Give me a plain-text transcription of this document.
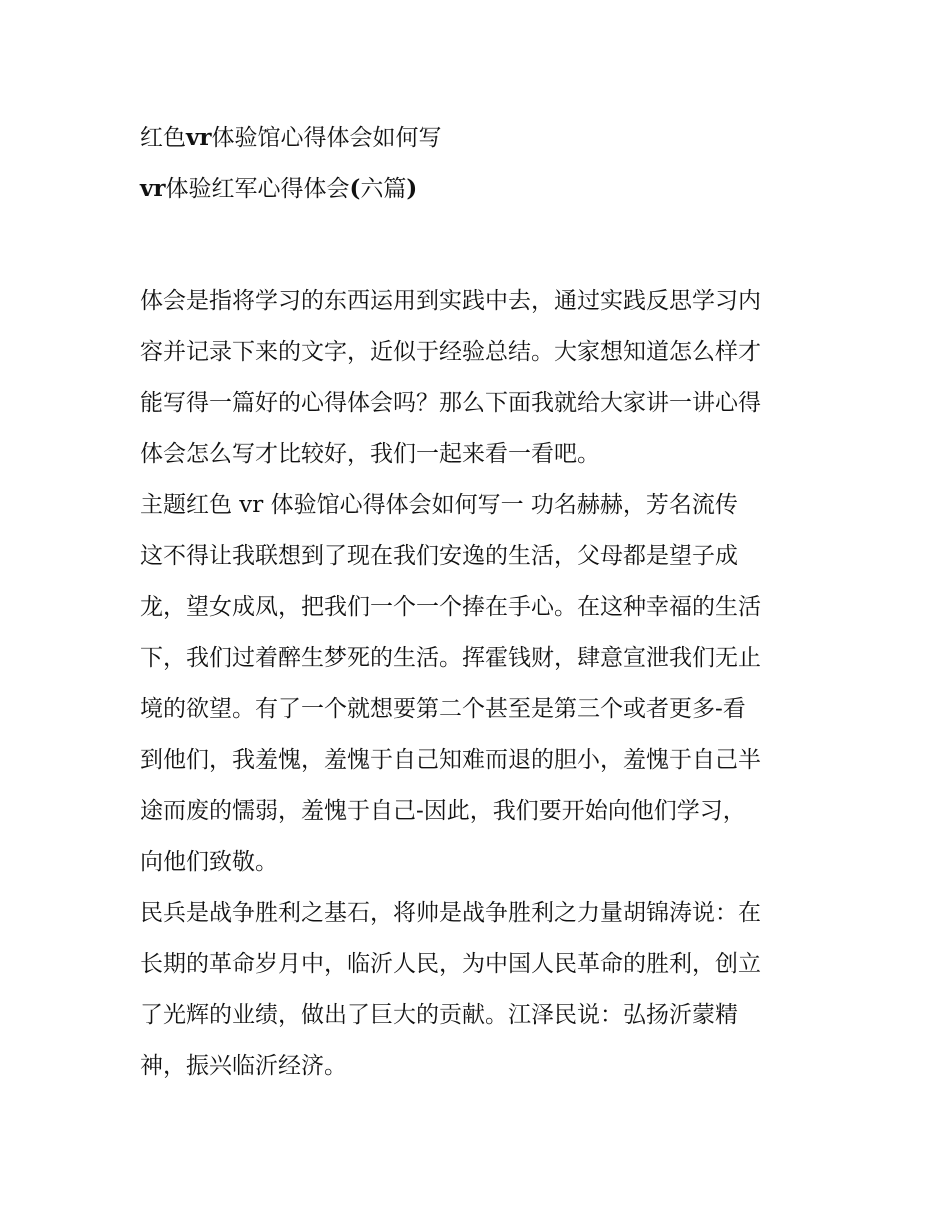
红色vr体验馆心得体会如何写
vr体验红军心得体会(六篇)
体会是指将学习的东西运用到实践中去，通过实践反思学习内
容并记录下来的文字，近似于经验总结。大家想知道怎么样才
能写得一篇好的心得体会吗？那么下面我就给大家讲一讲心得
体会怎么写才比较好，我们一起来看一看吧。
主题红色 vr 体验馆心得体会如何写一 功名赫赫，芳名流传
这不得让我联想到了现在我们安逸的生活，父母都是望子成
龙，望女成凤，把我们一个一个捧在手心。在这种幸福的生活
下，我们过着醉生梦死的生活。挥霍钱财，肆意宣泄我们无止
境的欲望。有了一个就想要第二个甚至是第三个或者更多-看
到他们，我羞愧，羞愧于自己知难而退的胆小，羞愧于自己半
途而废的懦弱，羞愧于自己-因此，我们要开始向他们学习，
向他们致敬。
民兵是战争胜利之基石，将帅是战争胜利之力量胡锦涛说：在
长期的革命岁月中，临沂人民，为中国人民革命的胜利，创立
了光辉的业绩，做出了巨大的贡献。江泽民说：弘扬沂蒙精
神，振兴临沂经济。
